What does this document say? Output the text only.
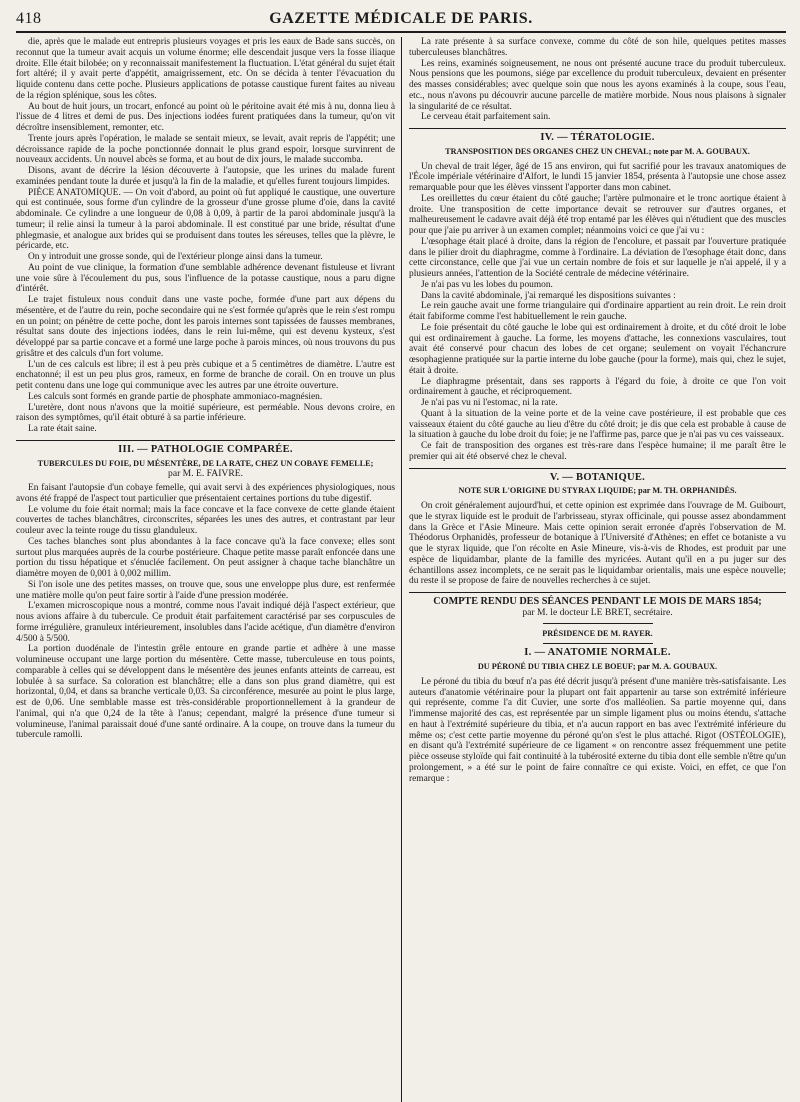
418	GAZETTE MÉDICALE DE PARIS.

die, après que le malade eut entrepris plusieurs voyages et pris les eaux de Bade sans succès, on reconnut que la tumeur avait acquis un volume énorme; elle descendait jusque vers la fosse iliaque droite. Elle était bilobée; on y reconnaissait manifestement la fluctuation. L'état général du sujet était fort altéré; il y avait perte d'appétit, amaigrissement, etc. On se décida à tenter l'évacuation du liquide contenu dans cette poche. Plusieurs applications de potasse caustique furent faites au niveau de la région splénique, sous les côtes.

Au bout de huit jours, un trocart, enfoncé au point où le péritoine avait été mis à nu, donna lieu à l'issue de 4 litres et demi de pus. Des injections iodées furent pratiquées dans la tumeur, qu'on vit décroître insensiblement, remonter, etc.

Trente jours après l'opération, le malade se sentait mieux, se levait, avait repris de l'appétit; une décroissance rapide de la poche ponctionnée donnait le plus grand espoir, lorsque survinrent de nouveaux accidents. Un nouvel abcès se forma, et au bout de dix jours, le malade succomba.

Disons, avant de décrire la lésion découverte à l'autopsie, que les urines du malade furent examinées pendant toute la durée et jusqu'à la fin de la maladie, et qu'elles furent toujours limpides.

PIÈCE ANATOMIQUE. — On voit d'abord, au point où fut appliqué le caustique, une ouverture qui est continuée, sous forme d'un cylindre de la grosseur d'une grosse plume d'oie, dans la cavité abdominale. Ce cylindre a une longueur de 0,08 à 0,09, à partir de la paroi abdominale jusqu'à la tumeur; il relie ainsi la tumeur à la paroi abdominale. Il est constitué par une bride, résultat d'une phlegmasie, et analogue aux brides qui se produisent dans toutes les séreuses, telles que la plèvre, le péricarde, etc.

On y introduit une grosse sonde, qui de l'extérieur plonge ainsi dans la tumeur.

Au point de vue clinique, la formation d'une semblable adhérence devenant fistuleuse et livrant une voie sûre à l'écoulement du pus, sous l'influence de la potasse caustique, nous a paru digne d'intérêt.

Le trajet fistuleux nous conduit dans une vaste poche, formée d'une part aux dépens du mésentère, et de l'autre du rein, poche secondaire qui ne s'est formée qu'après que le rein s'est rompu en un point; on pénètre de cette poche, dont les parois internes sont tapissées de fausses membranes, résultat sans doute des injections iodées, dans le rein lui-même, qui est devenu kysteux, s'est développé par sa partie concave et a formé une large poche à parois minces, où nous trouvons du pus grisâtre et des calculs d'un fort volume.

L'un de ces calculs est libre; il est à peu près cubique et a 5 centimètres de diamètre. L'autre est enchatonné; il est un peu plus gros, rameux, en forme de branche de corail. On en trouve un plus petit contenu dans une loge qui communique avec les autres par une étroite ouverture.

Les calculs sont formés en grande partie de phosphate ammoniaco-magnésien.

L'uretère, dont nous n'avons que la moitié supérieure, est perméable. Nous devons croire, en raison des symptômes, qu'il était obturé à sa partie inférieure.

La rate était saine.

III. — PATHOLOGIE COMPARÉE.
TUBERCULES DU FOIE, DU MÉSENTÈRE, DE LA RATE, CHEZ UN COBAYE FEMELLE;
par M. E. FAIVRE.

En faisant l'autopsie d'un cobaye femelle, qui avait servi à des expériences physiologiques, nous avons été frappé de l'aspect tout particulier que présentaient certaines portions du tube digestif.

Le volume du foie était normal; mais la face concave et la face convexe de cette glande étaient couvertes de taches blanchâtres, circonscrites, séparées les unes des autres, et contrastant par leur couleur avec la teinte rouge du tissu glanduleux.

Ces taches blanches sont plus abondantes à la face concave qu'à la face convexe; elles sont surtout plus marquées auprès de la courbe postérieure. Chaque petite masse paraît enfoncée dans une portion du tissu hépatique et s'énuclée facilement. On peut assigner à chaque tache blanchâtre un diamètre moyen de 0,001 à 0,002 millim.

Si l'on isole une des petites masses, on trouve que, sous une enveloppe plus dure, est renfermée une matière molle qu'on peut faire sortir à l'aide d'une pression modérée.

L'examen microscopique nous a montré, comme nous l'avait indiqué déjà l'aspect extérieur, que nous avions affaire à du tubercule. Ce produit était parfaitement caractérisé par ses corpuscules de forme irrégulière, granuleux intérieurement, insolubles dans l'acide acétique, d'un diamètre d'environ 4/500 à 5/500.

La portion duodénale de l'intestin grêle entoure en grande partie et adhère à une masse volumineuse occupant une large portion du mésentère. Cette masse, tuberculeuse en tous points, comparable à celles qui se développent dans le mésentère des jeunes enfants atteints de carreau, est lobulée à sa surface. Sa coloration est blanchâtre; elle a dans son plus grand diamètre, qui est horizontal, 0,04, et dans sa branche verticale 0,03. Sa circonférence, mesurée au point le plus large, est de 0,06. Une semblable masse est très-considérable proportionnellement à la grandeur de l'animal, qui n'a que 0,24 de la tête à l'anus; cependant, malgré la présence d'une tumeur si volumineuse, l'animal paraissait doué d'une santé ordinaire. A la coupe, on trouve dans la tumeur du tubercule ramolli.

La rate présente à sa surface convexe, comme du côté de son hile, quelques petites masses tuberculeuses blanchâtres.

Les reins, examinés soigneusement, ne nous ont présenté aucune trace du produit tuberculeux. Nous pensions que les poumons, siége par excellence du produit tuberculeux, devaient en présenter des masses considérables; avec quelque soin que nous les ayons examinés à la coupe, sous l'eau, etc., nous n'avons pu découvrir aucune parcelle de matière morbide. Nous nous plaisons à signaler la singularité de ce résultat.

Le cerveau était parfaitement sain.

IV. — TÉRATOLOGIE.
TRANSPOSITION DES ORGANES CHEZ UN CHEVAL; note par M. A. GOUBAUX.

Un cheval de trait léger, âgé de 15 ans environ, qui fut sacrifié pour les travaux anatomiques de l'École impériale vétérinaire d'Alfort, le lundi 15 janvier 1854, présenta à l'autopsie une chose assez remarquable pour que les élèves vinssent l'apporter dans mon cabinet.

Les oreillettes du cœur étaient du côté gauche; l'artère pulmonaire et le tronc aortique étaient à droite. Une transposition de cette importance devait se retrouver sur d'autres organes, et malheureusement le cadavre avait déjà été trop entamé par les élèves qui n'étudient que des muscles pour que j'aie pu arriver à un examen complet; néanmoins voici ce que j'ai vu :

L'œsophage était placé à droite, dans la région de l'encolure, et passait par l'ouverture pratiquée dans le pilier droit du diaphragme, comme à l'ordinaire. La déviation de l'œsophage était donc, dans cette circonstance, celle que j'ai vue un certain nombre de fois et sur laquelle je n'ai appelé, il y a plusieurs années, l'attention de la Société centrale de médecine vétérinaire.

Je n'ai pas vu les lobes du poumon.

Dans la cavité abdominale, j'ai remarqué les dispositions suivantes :

Le rein gauche avait une forme triangulaire qui d'ordinaire appartient au rein droit. Le rein droit était fabiforme comme l'est habituellement le rein gauche.

Le foie présentait du côté gauche le lobe qui est ordinairement à droite, et du côté droit le lobe qui est ordinairement à gauche. La forme, les moyens d'attache, les connexions vasculaires, tout avait été conservé pour chacun des lobes de cet organe; seulement on voyait l'échancrure œsophagienne pratiquée sur la partie interne du lobe gauche (pour la forme), mais qui, chez le sujet, était à droite.

Le diaphragme présentait, dans ses rapports à l'égard du foie, à droite ce que l'on voit ordinairement à gauche, et réciproquement.

Je n'ai pas vu ni l'estomac, ni la rate.

Quant à la situation de la veine porte et de la veine cave postérieure, il est probable que ces vaisseaux étaient du côté gauche au lieu d'être du côté droit; je dis que cela est probable à cause de la situation à gauche du lobe droit du foie; je ne l'affirme pas, parce que je n'ai pas vu ces vaisseaux.

Ce fait de transposition des organes est très-rare dans l'espèce humaine; il me paraît être le premier qui ait été observé chez le cheval.

V. — BOTANIQUE.
NOTE SUR L'ORIGINE DU STYRAX LIQUIDE; par M. TH. ORPHANIDÈS.

On croit généralement aujourd'hui, et cette opinion est exprimée dans l'ouvrage de M. Guibourt, que le styrax liquide est le produit de l'arbrisseau, styrax officinale, qui pousse assez abondamment dans la Grèce et l'Asie Mineure. Mais cette opinion serait erronée d'après l'observation de M. Théodorus Orphanidès, professeur de botanique à l'Université d'Athènes; en effet ce botaniste a vu que le styrax liquide, que l'on récolte en Asie Mineure, vis-à-vis de Rhodes, est produit par une espèce de liquidambar, plante de la famille des myricées. Autant qu'il en a pu juger sur des échantillons assez incomplets, ce ne serait pas le liquidambar orientalis, mais une espèce nouvelle; du reste il se propose de faire de nouvelles recherches à ce sujet.

COMPTE RENDU DES SÉANCES PENDANT LE MOIS DE MARS 1854;
par M. le docteur LE BRET, secrétaire.
PRÉSIDENCE DE M. RAYER.
I. — ANATOMIE NORMALE.
DU PÉRONÉ DU TIBIA CHEZ LE BOEUF; par M. A. GOUBAUX.

Le péroné du tibia du bœuf n'a pas été décrit jusqu'à présent d'une manière très-satisfaisante. Les auteurs d'anatomie vétérinaire pour la plupart ont fait appartenir au tarse son extrémité inférieure qui représente, comme l'a dit Cuvier, une sorte d'os malléolien. Sa partie moyenne qui, dans l'immense majorité des cas, est représentée par un simple ligament plus ou moins étendu, s'attache en haut à l'extrémité supérieure du tibia, et n'a aucun rapport en bas avec l'extrémité inférieure du même os; c'est cette partie moyenne du péroné qu'on s'est le plus attaché. Rigot (OSTÉOLOGIE), en disant qu'à l'extrémité supérieure de ce ligament « on rencontre assez fréquemment une petite pièce osseuse styloïde qui fait continuité à la tubérosité externe du tibia dont elle semble n'être qu'un prolongement, » a été sur le point de faire connaître ce qui existe. Voici, en effet, ce que l'on remarque :
